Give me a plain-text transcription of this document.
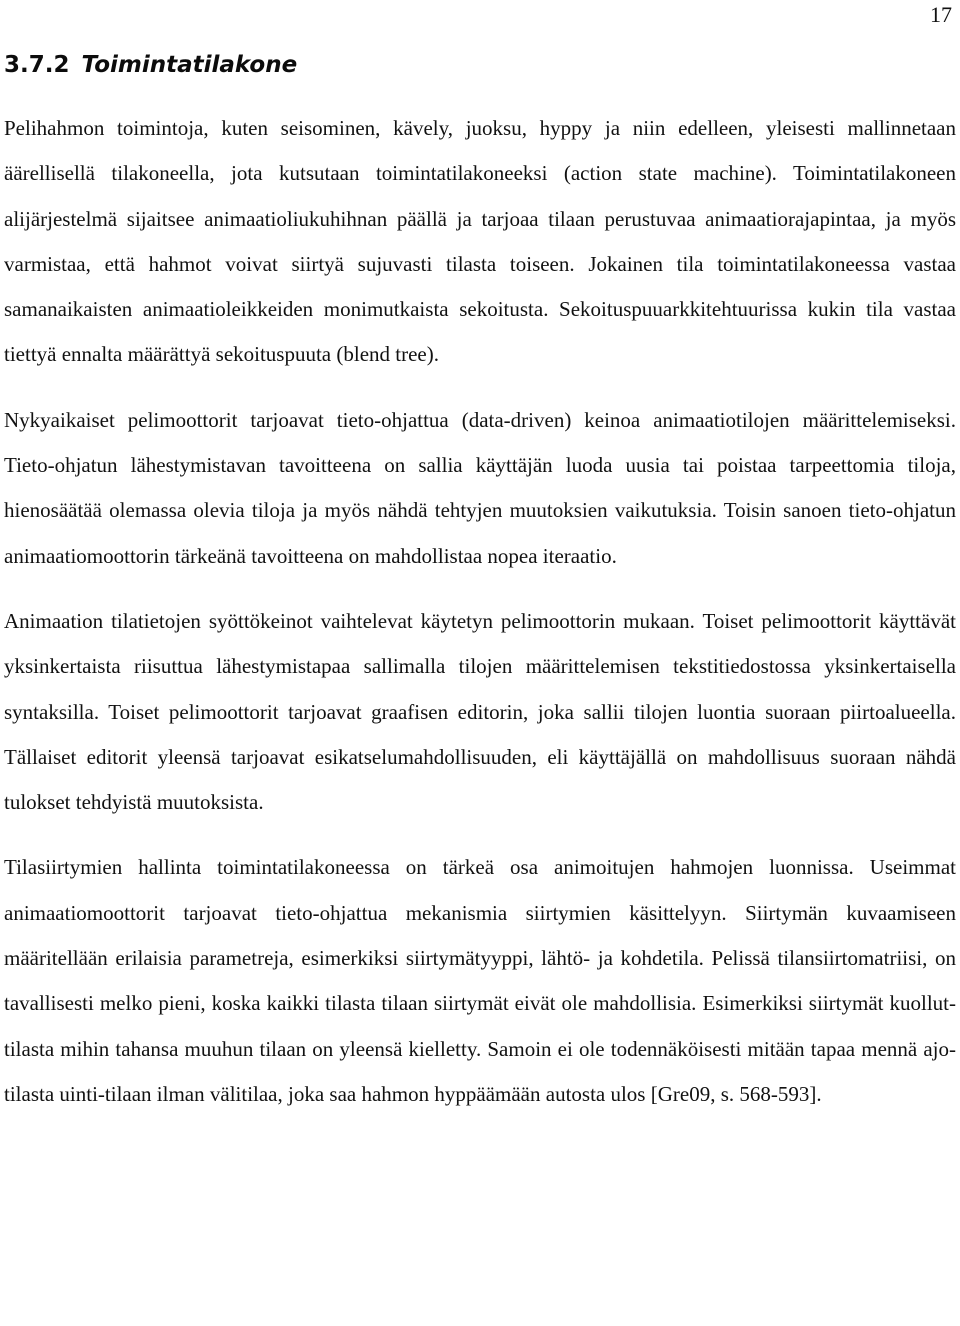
17
3.7.2 Toimintatilakone

Pelihahmon toimintoja, kuten seisominen, kävely, juoksu, hyppy ja niin edelleen, yleisesti mallinnetaan äärellisellä tilakoneella, jota kutsutaan toimintatilakoneeksi (action state machine). Toimintatilakoneen alijärjestelmä sijaitsee animaatioliukuhihnan päällä ja tarjoaa tilaan perustuvaa animaatiorajapintaa, ja myös varmistaa, että hahmot voivat siirtyä sujuvasti tilasta toiseen. Jokainen tila toimintatilakoneessa vastaa samanaikaisten animaatioleikkeiden monimutkaista sekoitusta. Sekoituspuuarkkitehtuurissa kukin tila vastaa tiettyä ennalta määrättyä sekoituspuuta (blend tree).

Nykyaikaiset pelimoottorit tarjoavat tieto-ohjattua (data-driven) keinoa animaatiotilojen määrittelemiseksi. Tieto-ohjatun lähestymistavan tavoitteena on sallia käyttäjän luoda uusia tai poistaa tarpeettomia tiloja, hienosäätää olemassa olevia tiloja ja myös nähdä tehtyjen muutoksien vaikutuksia. Toisin sanoen tieto-ohjatun animaatiomoottorin tärkeänä tavoitteena on mahdollistaa nopea iteraatio.

Animaation tilatietojen syöttökeinot vaihtelevat käytetyn pelimoottorin mukaan. Toiset pelimoottorit käyttävät yksinkertaista riisuttua lähestymistapaa sallimalla tilojen määrittelemisen tekstitiedostossa yksinkertaisella syntaksilla. Toiset pelimoottorit tarjoavat graafisen editorin, joka sallii tilojen luontia suoraan piirtoalueella. Tällaiset editorit yleensä tarjoavat esikatselumahdollisuuden, eli käyttäjällä on mahdollisuus suoraan nähdä tulokset tehdyistä muutoksista.

Tilasiirtymien hallinta toimintatilakoneessa on tärkeä osa animoitujen hahmojen luonnissa. Useimmat animaatiomoottorit tarjoavat tieto-ohjattua mekanismia siirtymien käsittelyyn. Siirtymän kuvaamiseen määritellään erilaisia parametreja, esimerkiksi siirtymätyyppi, lähtö- ja kohdetila. Pelissä tilansiirtomatriisi, on tavallisesti melko pieni, koska kaikki tilasta tilaan siirtymät eivät ole mahdollisia. Esimerkiksi siirtymät kuollut-tilasta mihin tahansa muuhun tilaan on yleensä kielletty. Samoin ei ole todennäköisesti mitään tapaa mennä ajo-tilasta uinti-tilaan ilman välitilaa, joka saa hahmon hyppäämään autosta ulos [Gre09, s. 568-593].
